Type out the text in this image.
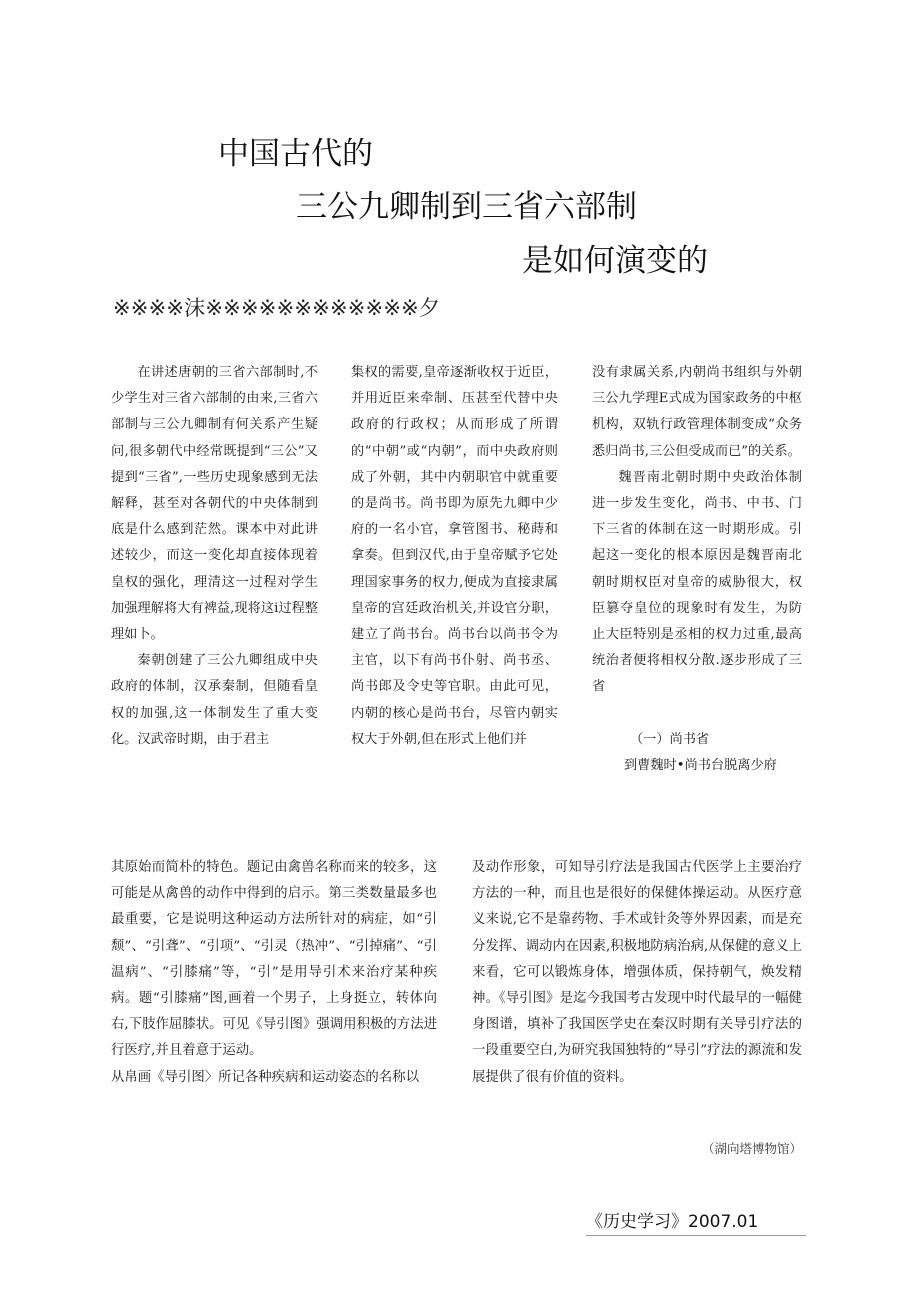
中国古代的
三公九卿制到三省六部制
是如何演变的
※※※※沫※※※※※※※※※※※※夕

在讲述唐朝的三省六部制时,不少学生对三省六部制的由来,三省六部制与三公九卿制有何关系产生疑问,很多朝代中经常既提到“三公”又提到“三省”,一些历史现象感到无法解释，甚至对各朝代的中央体制到底是什么感到茫然。课本中对此讲述较少，而这一变化却直接体现着皇权的强化，理清这一过程对学生加强理解将大有裨益,现将这i过程整理如卜。

秦朝创建了三公九卿组成中央政府的体制，汉承秦制，但随看皇权的加强,这一体制发生了重大变化。汉武帝时期，由于君主

集权的需要,皇帝逐渐收权于近臣，并用近臣来牵制、压甚至代替中央政府的行政权；从而形成了所谓的“中朝”或“内朝”，而中央政府则成了外朝，其中内朝职官中就重要的是尚书。尚书即为原先九卿中少府的一名小官，拿管图书、秘蒔和拿奏。但到汉代,由于皇帝赋予它处理国家事务的权力,便成为直接隶属皇帝的宫廷政治机关,并设官分职，建立了尚书台。尚书台以尚书令为主官，以下有尚书仆射、尚书丞、尚书郎及令史等官职。由此可见，内朝的核心是尚书台，尽管内朝实权大于外朝,但在形式上他们并

没有隶属关系,内朝尚书组织与外朝三公九学理E式成为国家政务的中枢机构，双轨行政管理体制变成“众务悉归尚书,三公但受成而已”的关系。

魏晋南北朝时期中央政治体制进一步发生变化，尚书、中书、门下三省的体制在这一时期形成。引起这一变化的根本原因是魏晋南北朝时期权臣对皇帝的威胁很大，权臣篡夺皇位的现象时有发生，为防止大臣特别是丞相的权力过重,最高统治者便将相权分散.逐步形成了三省

（一）尚书省

到曹魏时•尚书台脱离少府

其原始而简朴的特色。题记由禽兽名称而来的较多，这可能是从禽兽的动作中得到的启示。第三类数量最多也最重要，它是说明这种运动方法所针对的病症，如“引颓”、“引聋”、“引项”、“引灵（热冲”、“引掉痛”、“引温病”、“引膝痛”等，“引”是用导引术来治疗某种疾病。题“引膝痛”图,画着一个男子，上身挺立，转体向右,下肢作屈膝状。可见《导引图》强调用积极的方法进行医疗,并且着意于运动。

从帛画《导引图〉所记各种疾病和运动姿态的名称以

及动作形象，可知导引疗法是我国古代医学上主要治疗方法的一种，而且也是很好的保健体操运动。从医疗意义来说,它不是靠药物、手术或针灸等外界因素，而是充分发挥、调动内在因素,积极地防病治病,从保健的意义上来看，它可以锻炼身体，增强体质，保持朝气，焕发精神。《导引图》是迄今我国考古发现中时代最早的一幅健身图谱，填补了我国医学史在秦汉时期有关导引疗法的一段重要空白,为研究我国独特的“导引”疗法的源流和发展提供了很有价值的资料。

（湖向塔博物馆）

《历史学习》2007.01
